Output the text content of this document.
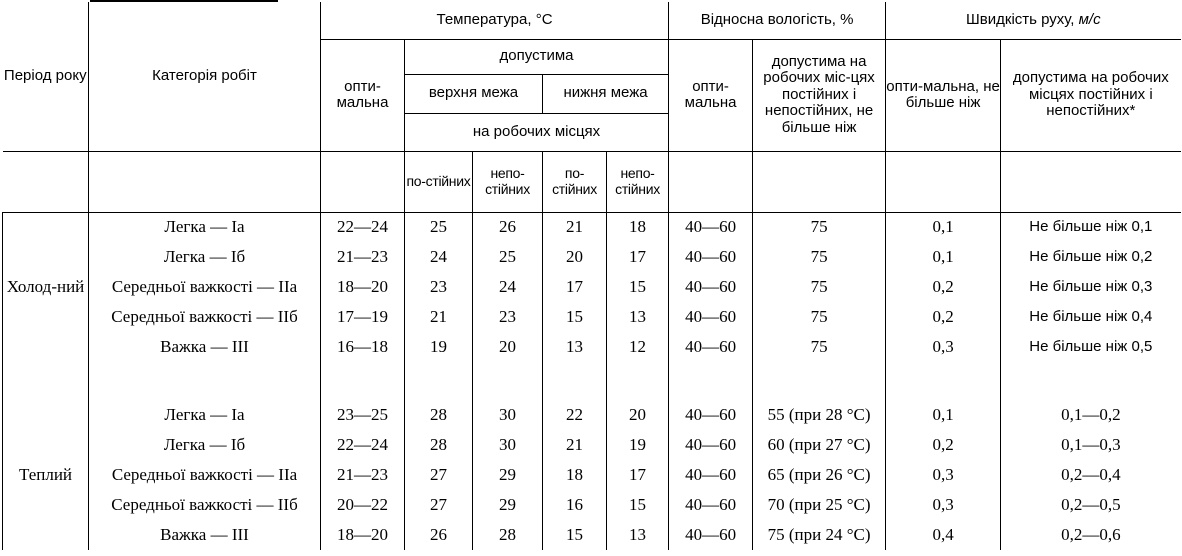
Період року	Категорія робіт	Температура, °С					Відносна вологість, %		Швидкість руху, м/с	
		опти-мальна	допустима				опти-мальна	допустима на робочих міс-цях постійних і непостійних, не більше ніж	опти-мальна, не більше ніж	допустима на робочих місцях постійних і непостійних*
			верхня межа		нижня межа					
			на робочих місцях							
			по-стійних	непо-стійних	по-стійних	непо-стійних				
Холод-ний	Легка — Іа	22—24	25	26	21	18	40—60	75	0,1	Не більше ніж 0,1
	Легка — Іб	21—23	24	25	20	17	40—60	75	0,1	Не більше ніж 0,2
	Середньої важкості — ІІа	18—20	23	24	17	15	40—60	75	0,2	Не більше ніж 0,3
	Середньої важкості — ІІб	17—19	21	23	15	13	40—60	75	0,2	Не більше ніж 0,4
	Важка — ІІІ	16—18	19	20	13	12	40—60	75	0,3	Не більше ніж 0,5

Теплий	Легка — Іа	23—25	28	30	22	20	40—60	55 (при 28 °С)	0,1	0,1—0,2
	Легка — Іб	22—24	28	30	21	19	40—60	60 (при 27 °С)	0,2	0,1—0,3
	Середньої важкості — ІІа	21—23	27	29	18	17	40—60	65 (при 26 °С)	0,3	0,2—0,4
	Середньої важкості — ІІб	20—22	27	29	16	15	40—60	70 (при 25 °С)	0,3	0,2—0,5
	Важка — ІІІ	18—20	26	28	15	13	40—60	75 (при 24 °С)	0,4	0,2—0,6
